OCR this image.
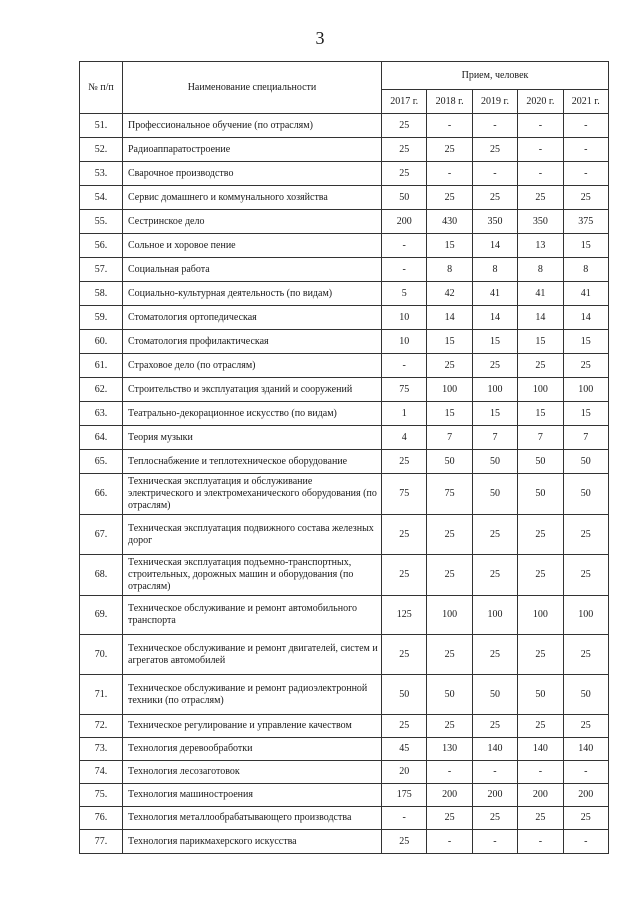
3
№ п/п	Наименование специальности	Прием, человек				
		2017 г.	2018 г.	2019 г.	2020 г.	2021 г.
51.	Профессиональное обучение (по отраслям)	25	-	-	-	-
52.	Радиоаппаратостроение	25	25	25	-	-
53.	Сварочное производство	25	-	-	-	-
54.	Сервис домашнего и коммунального хозяйства	50	25	25	25	25
55.	Сестринское дело	200	430	350	350	375
56.	Сольное и хоровое пение	-	15	14	13	15
57.	Социальная работа	-	8	8	8	8
58.	Социально-культурная деятельность (по видам)	5	42	41	41	41
59.	Стоматология ортопедическая	10	14	14	14	14
60.	Стоматология профилактическая	10	15	15	15	15
61.	Страховое дело (по отраслям)	-	25	25	25	25
62.	Строительство и эксплуатация зданий и сооружений	75	100	100	100	100
63.	Театрально-декорационное искусство (по видам)	1	15	15	15	15
64.	Теория музыки	4	7	7	7	7
65.	Теплоснабжение и теплотехническое оборудование	25	50	50	50	50
66.	Техническая эксплуатация и обслуживание электрического и электромеханического оборудования (по отраслям)	75	75	50	50	50
67.	Техническая эксплуатация подвижного состава железных дорог	25	25	25	25	25
68.	Техническая эксплуатация подъемно-транспортных, строительных, дорожных машин и оборудования (по отраслям)	25	25	25	25	25
69.	Техническое обслуживание и ремонт автомобильного транспорта	125	100	100	100	100
70.	Техническое обслуживание и ремонт двигателей, систем и агрегатов автомобилей	25	25	25	25	25
71.	Техническое обслуживание и ремонт радиоэлектронной техники (по отраслям)	50	50	50	50	50
72.	Техническое регулирование и управление качеством	25	25	25	25	25
73.	Технология деревообработки	45	130	140	140	140
74.	Технология лесозаготовок	20	-	-	-	-
75.	Технология машиностроения	175	200	200	200	200
76.	Технология металлообрабатывающего производства	-	25	25	25	25
77.	Технология парикмахерского искусства	25	-	-	-	-
